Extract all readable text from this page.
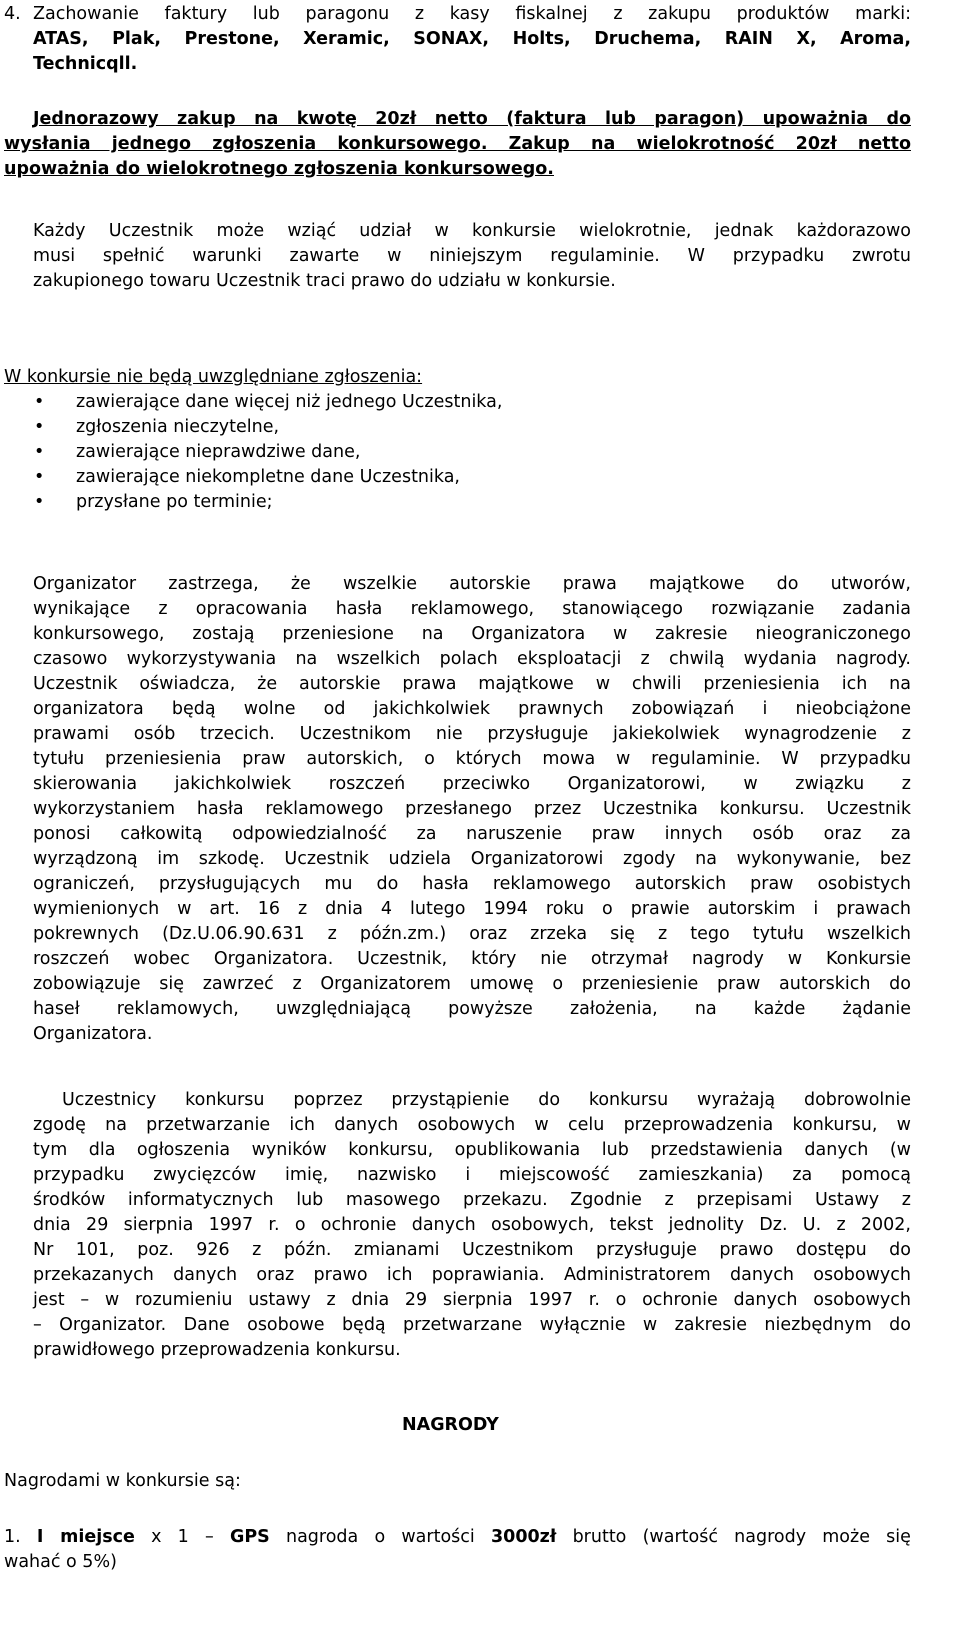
4. Zachowanie faktury lub paragonu z kasy fiskalnej z zakupu produktów marki:
ATAS, Plak, Prestone, Xeramic, SONAX, Holts, Druchema, RAIN X, Aroma,
Technicqll.
Jednorazowy zakup na kwotę 20zł netto (faktura lub paragon) upoważnia do
wysłania jednego zgłoszenia konkursowego. Zakup na wielokrotność 20zł netto
upoważnia do wielokrotnego zgłoszenia konkursowego.
Każdy Uczestnik może wziąć udział w konkursie wielokrotnie, jednak każdorazowo
musi spełnić warunki zawarte w niniejszym regulaminie. W przypadku zwrotu
zakupionego towaru Uczestnik traci prawo do udziału w konkursie.
W konkursie nie będą uwzględniane zgłoszenia:
• zawierające dane więcej niż jednego Uczestnika,
• zgłoszenia nieczytelne,
• zawierające nieprawdziwe dane,
• zawierające niekompletne dane Uczestnika,
• przysłane po terminie;
Organizator zastrzega, że wszelkie autorskie prawa majątkowe do utworów,
wynikające z opracowania hasła reklamowego, stanowiącego rozwiązanie zadania
konkursowego, zostają przeniesione na Organizatora w zakresie nieograniczonego
czasowo wykorzystywania na wszelkich polach eksploatacji z chwilą wydania nagrody.
Uczestnik oświadcza, że autorskie prawa majątkowe w chwili przeniesienia ich na
organizatora będą wolne od jakichkolwiek prawnych zobowiązań i nieobciążone
prawami osób trzecich. Uczestnikom nie przysługuje jakiekolwiek wynagrodzenie z
tytułu przeniesienia praw autorskich, o których mowa w regulaminie. W przypadku
skierowania jakichkolwiek roszczeń przeciwko Organizatorowi, w związku z
wykorzystaniem hasła reklamowego przesłanego przez Uczestnika konkursu. Uczestnik
ponosi całkowitą odpowiedzialność za naruszenie praw innych osób oraz za
wyrządzoną im szkodę. Uczestnik udziela Organizatorowi zgody na wykonywanie, bez
ograniczeń, przysługujących mu do hasła reklamowego autorskich praw osobistych
wymienionych w art. 16 z dnia 4 lutego 1994 roku o prawie autorskim i prawach
pokrewnych (Dz.U.06.90.631 z późn.zm.) oraz zrzeka się z tego tytułu wszelkich
roszczeń wobec Organizatora. Uczestnik, który nie otrzymał nagrody w Konkursie
zobowiązuje się zawrzeć z Organizatorem umowę o przeniesienie praw autorskich do
haseł reklamowych, uwzględniającą powyższe założenia, na każde żądanie
Organizatora.
Uczestnicy konkursu poprzez przystąpienie do konkursu wyrażają dobrowolnie
zgodę na przetwarzanie ich danych osobowych w celu przeprowadzenia konkursu, w
tym dla ogłoszenia wyników konkursu, opublikowania lub przedstawienia danych (w
przypadku zwycięzców imię, nazwisko i miejscowość zamieszkania) za pomocą
środków informatycznych lub masowego przekazu. Zgodnie z przepisami Ustawy z
dnia 29 sierpnia 1997 r. o ochronie danych osobowych, tekst jednolity Dz. U. z 2002,
Nr 101, poz. 926 z późn. zmianami Uczestnikom przysługuje prawo dostępu do
przekazanych danych oraz prawo ich poprawiania. Administratorem danych osobowych
jest – w rozumieniu ustawy z dnia 29 sierpnia 1997 r. o ochronie danych osobowych
– Organizator. Dane osobowe będą przetwarzane wyłącznie w zakresie niezbędnym do
prawidłowego przeprowadzenia konkursu.
NAGRODY
Nagrodami w konkursie są:
1. I miejsce x 1 – GPS nagroda o wartości 3000zł brutto (wartość nagrody może się
wahać o 5%)
